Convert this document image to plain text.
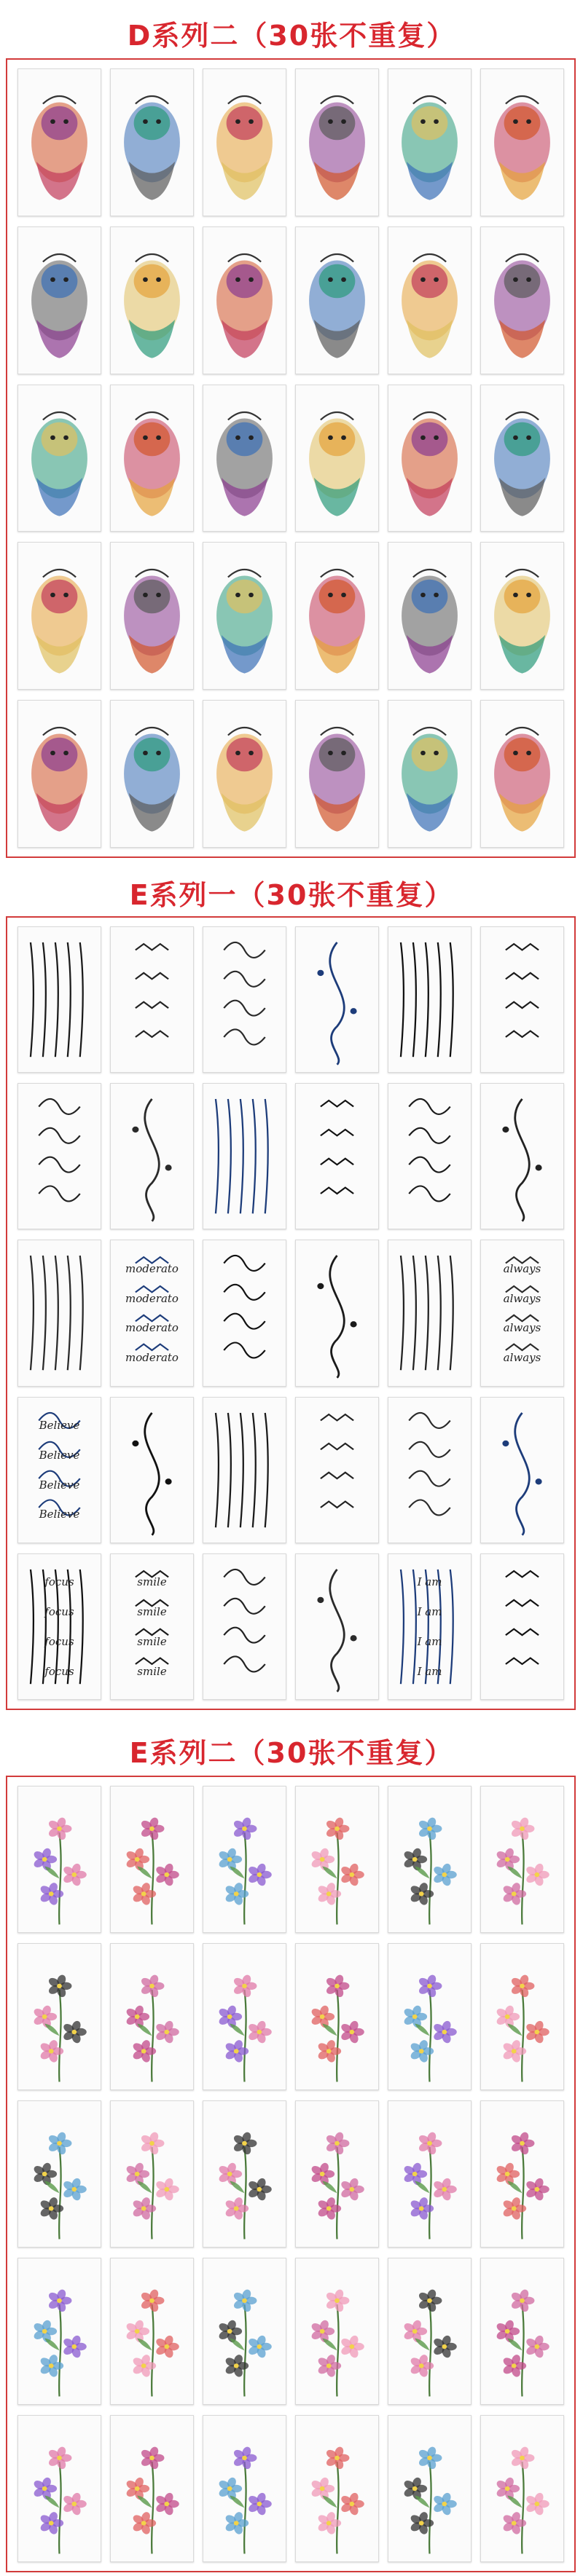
D系列二（30张不重复）
E系列一（30张不重复）
moderato
moderato
moderato
moderato
always
always
always
always
Believe
Believe
Believe
Believe
focus
focus
focus
focus
smile
smile
smile
smile
I am
I am
I am
I am
E系列二（30张不重复）
